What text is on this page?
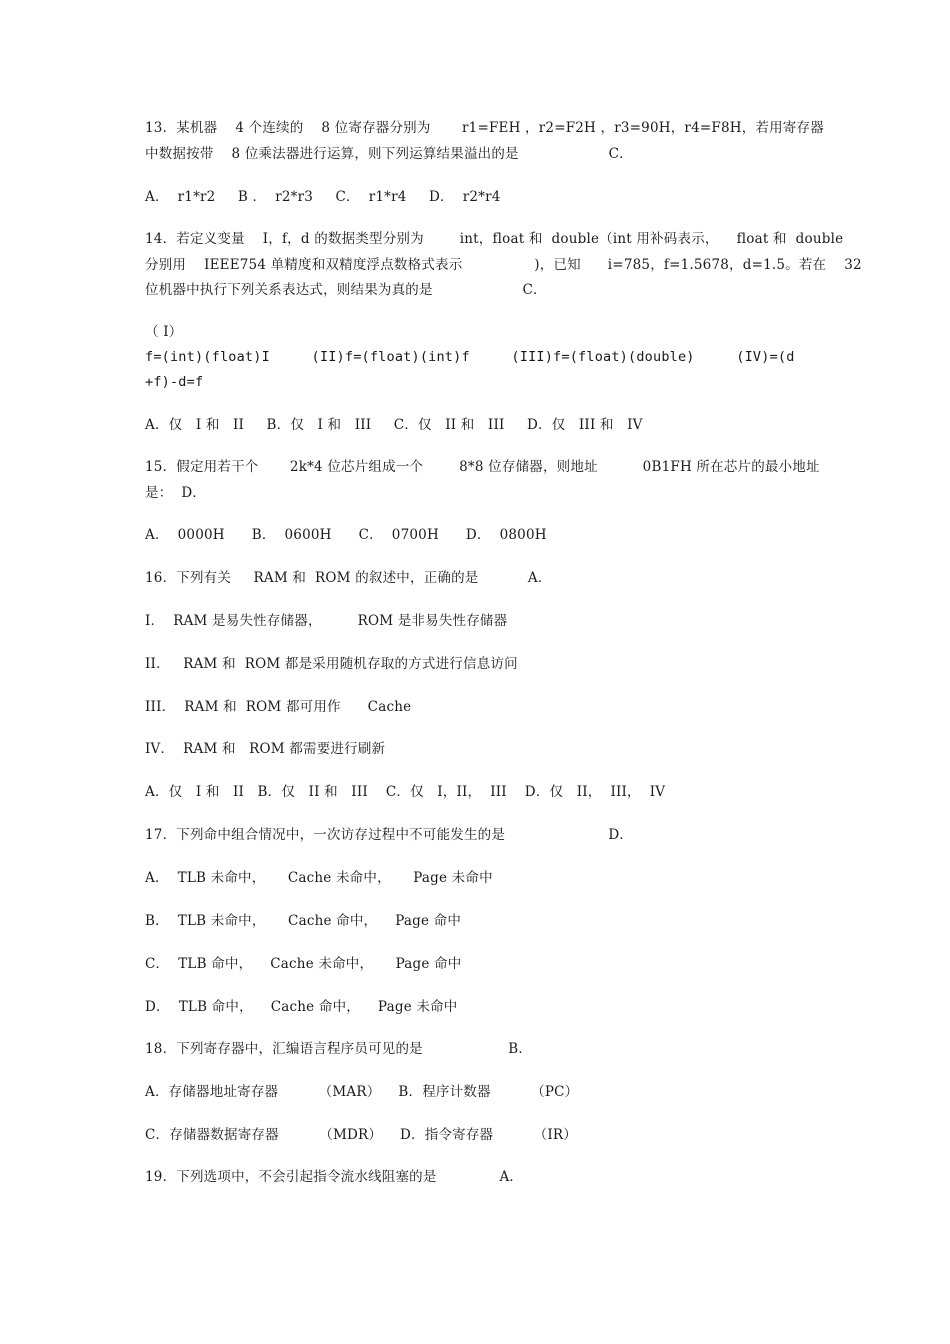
13．某机器    4 个连续的    8 位寄存器分别为       r1=FEH ，r2=F2H ，r3=90H，r4=F8H，若用寄存器
中数据按带    8 位乘法器进行运算，则下列运算结果溢出的是                    C．
A．  r1*r2     B ．  r2*r3     C．  r1*r4     D．  r2*r4
14．若定义变量    I，f，d 的数据类型分别为        int，float 和  double（int 用补码表示，    float 和  double
分别用    IEEE754 单精度和双精度浮点数格式表示                )，已知      i=785，f=1.5678，d=1.5。若在    32
位机器中执行下列关系表达式，则结果为真的是                    C．
（ I）
f=(int)(float)I     (II)f=(float)(int)f     (III)f=(float)(double)     (IV)=(d
+f)-d=f
A．仅   I 和   II     B．仅   I 和   III     C．仅   II 和   III     D．仅   III 和   IV
15．假定用若干个       2k*4 位芯片组成一个        8*8 位存储器，则地址          0B1FH 所在芯片的最小地址
是：  D．
A．  0000H      B．  0600H      C．  0700H      D．  0800H
16．下列有关     RAM 和  ROM 的叙述中，正确的是           A．
I．  RAM 是易失性存储器，        ROM 是非易失性存储器
II．   RAM 和  ROM 都是采用随机存取的方式进行信息访问
III．  RAM 和  ROM 都可用作      Cache
IV．  RAM 和   ROM 都需要进行刷新
A．仅   I 和   II   B．仅   II 和   III    C．仅   I，II，  III    D．仅   II，  III，  IV
17．下列命中组合情况中，一次访存过程中不可能发生的是                       D．
A．  TLB 未命中，     Cache 未命中，     Page 未命中
B．  TLB 未命中，     Cache 命中，    Page 命中
C．  TLB 命中，    Cache 未命中，     Page 命中
D．  TLB 命中，    Cache 命中，    Page 未命中
18．下列寄存器中，汇编语言程序员可见的是                   B．
A．存储器地址寄存器         （MAR）    B．程序计数器         （PC）
C．存储器数据寄存器         （MDR）    D．指令寄存器         （IR）
19．下列选项中，不会引起指令流水线阻塞的是              A．
